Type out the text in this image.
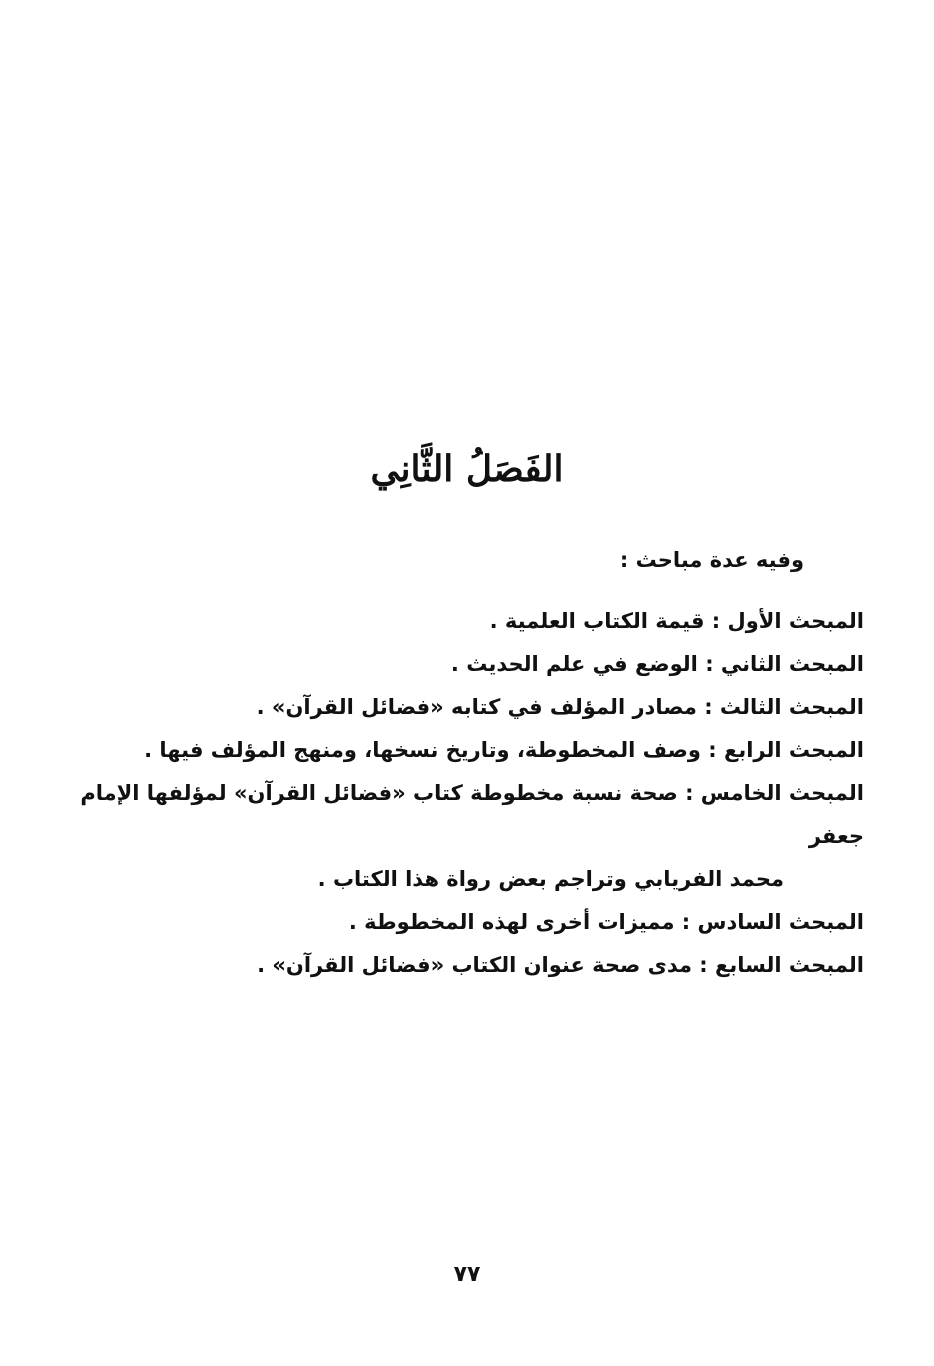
الفَصَلُ الثَّانِي
وفيه عدة مباحث :
المبحث الأول : قيمة الكتاب العلمية .
المبحث الثاني : الوضع في علم الحديث .
المبحث الثالث : مصادر المؤلف في كتابه «فضائل القرآن» .
المبحث الرابع : وصف المخطوطة، وتاريخ نسخها، ومنهج المؤلف فيها .
المبحث الخامس : صحة نسبة مخطوطة كتاب «فضائل القرآن» لمؤلفها الإمام جعفر
محمد الفريابي وتراجم بعض رواة هذا الكتاب .
المبحث السادس : مميزات أخرى لهذه المخطوطة .
المبحث السابع : مدى صحة عنوان الكتاب «فضائل القرآن» .
٧٧
